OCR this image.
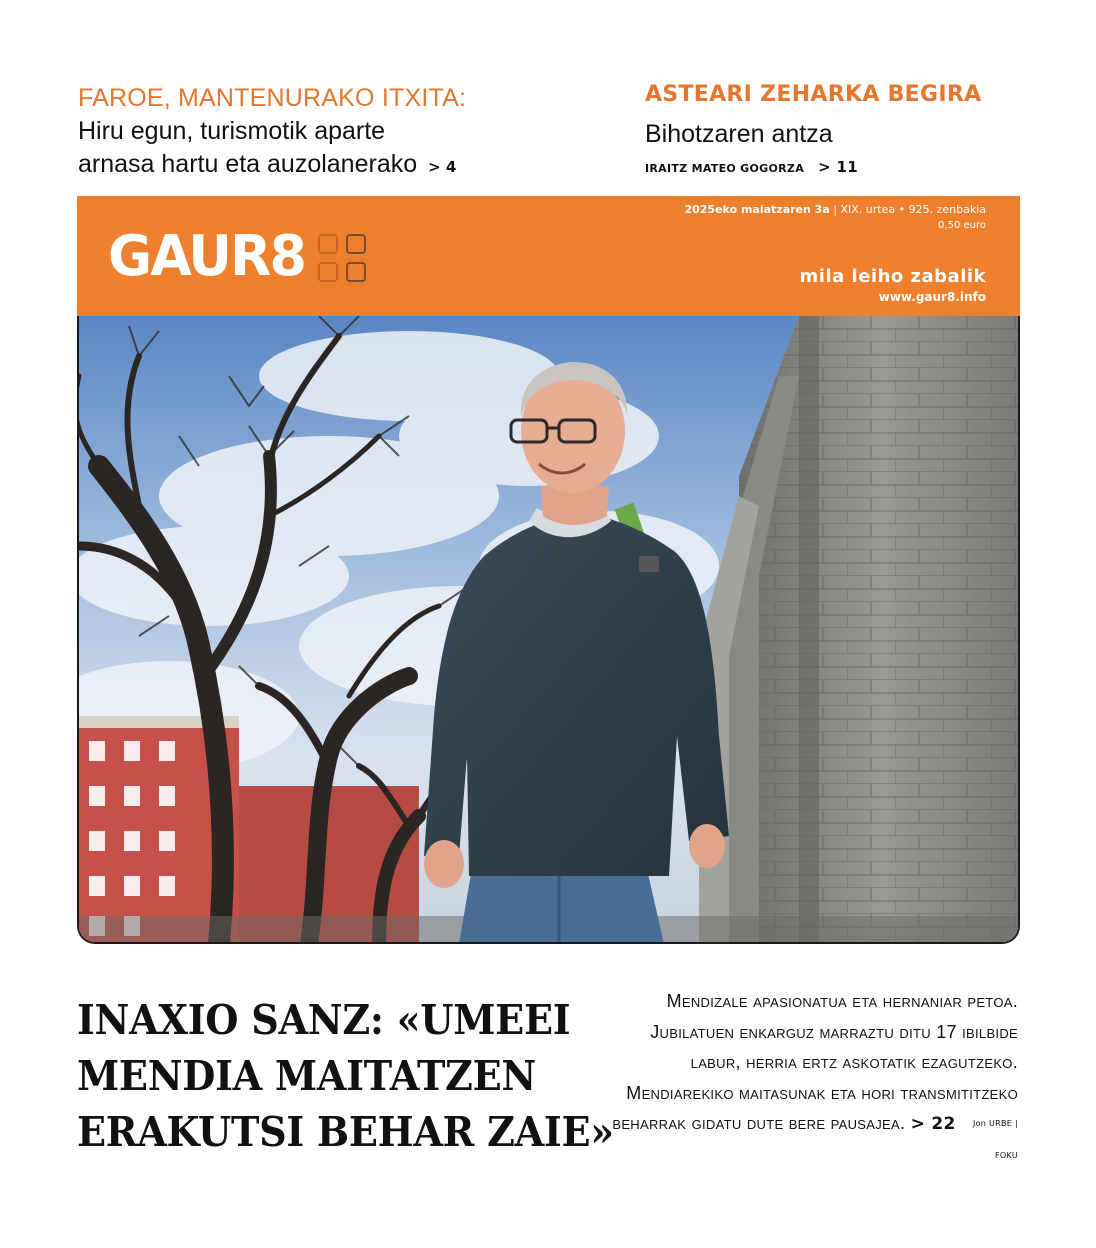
FAROE, MANTENURAKO ITXITA:
Hiru egun, turismotik aparte
arnasa hartu eta auzolanerako > 4
ASTEARI ZEHARKA BEGIRA
Bihotzaren antza
IRAITZ MATEO GOGORZA > 11
GAUR8
2025eko maiatzaren 3a | XIX. urtea • 925. zenbakia
0,50 euro
mila leiho zabalik
www.gaur8.info
INAXIO SANZ: «UMEEI
MENDIA MAITATZEN
ERAKUTSI BEHAR ZAIE»
Mendizale apasionatua eta hernaniar petoa. Jubilatuen enkarguz marraztu ditu 17 ibilbide labur, herria ertz askotatik ezagutzeko. Mendiarekiko maitasunak eta hori transmititzeko beharrak gidatu dute bere pausajea. > 22 Jon URBE | FOKU
